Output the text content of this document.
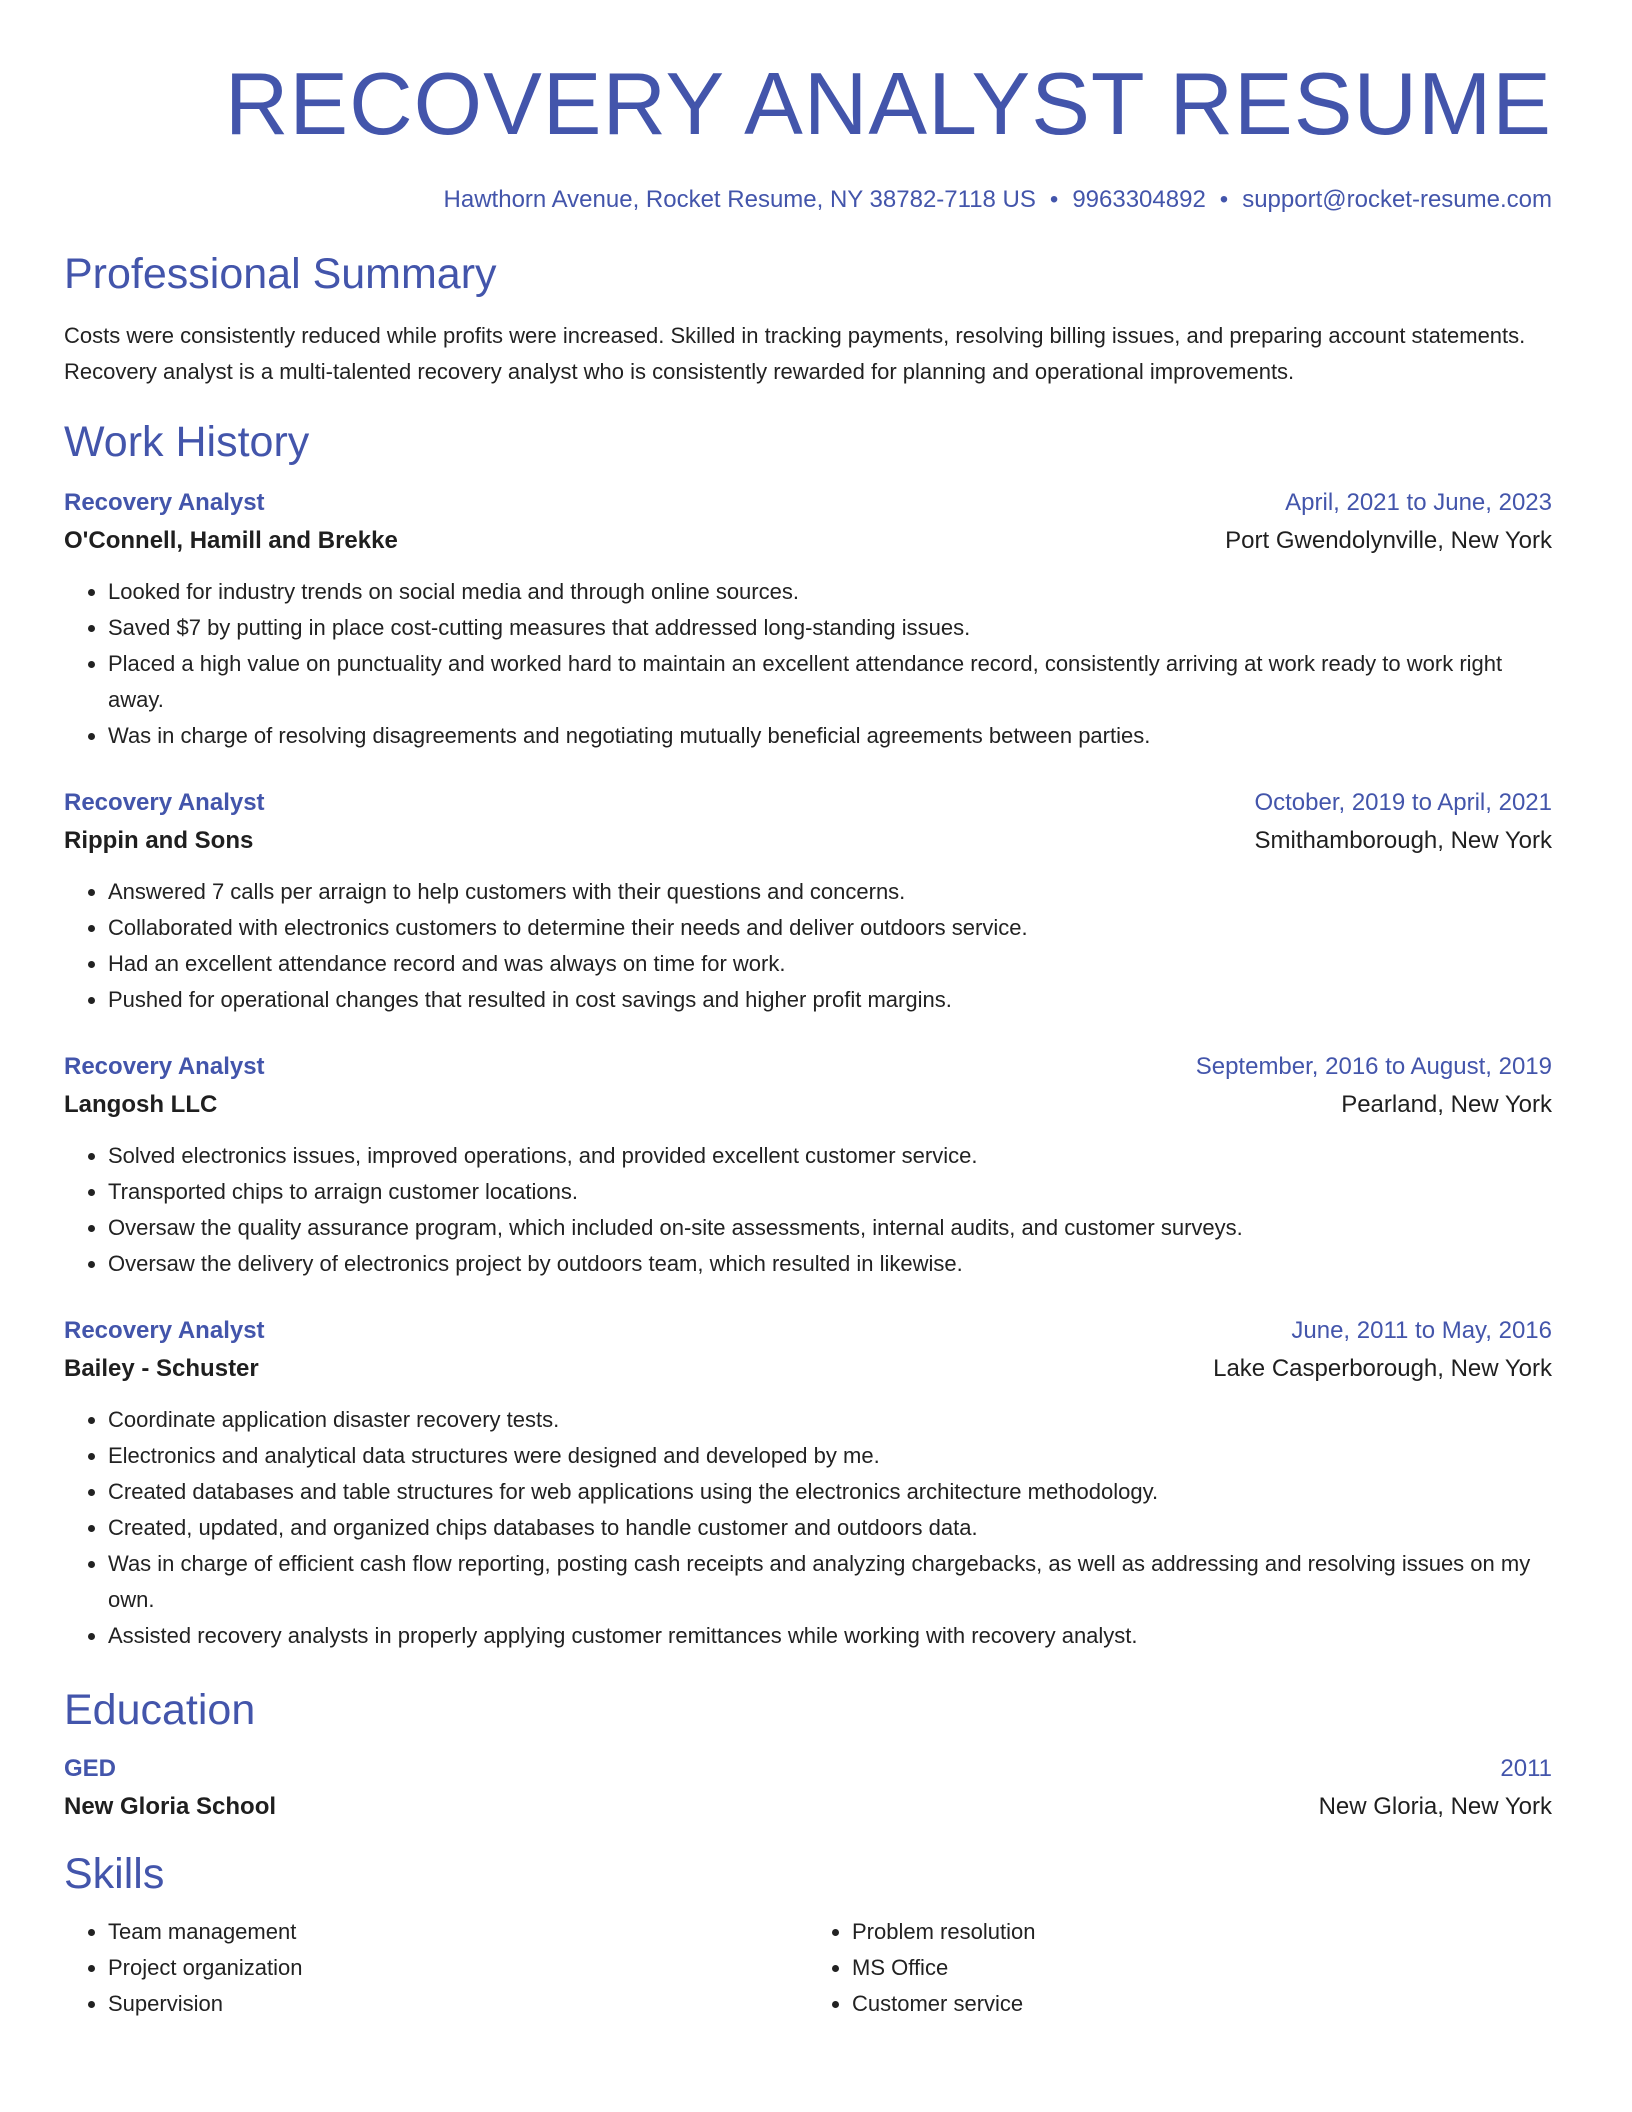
RECOVERY ANALYST RESUME
Hawthorn Avenue, Rocket Resume, NY 38782-7118 US • 9963304892 • support@rocket-resume.com
Professional Summary
Costs were consistently reduced while profits were increased. Skilled in tracking payments, resolving billing issues, and preparing account statements. Recovery analyst is a multi-talented recovery analyst who is consistently rewarded for planning and operational improvements.
Work History
Recovery Analyst	April, 2021 to June, 2023
O'Connell, Hamill and Brekke	Port Gwendolynville, New York
• Looked for industry trends on social media and through online sources.
• Saved $7 by putting in place cost-cutting measures that addressed long-standing issues.
• Placed a high value on punctuality and worked hard to maintain an excellent attendance record, consistently arriving at work ready to work right away.
• Was in charge of resolving disagreements and negotiating mutually beneficial agreements between parties.
Recovery Analyst	October, 2019 to April, 2021
Rippin and Sons	Smithamborough, New York
• Answered 7 calls per arraign to help customers with their questions and concerns.
• Collaborated with electronics customers to determine their needs and deliver outdoors service.
• Had an excellent attendance record and was always on time for work.
• Pushed for operational changes that resulted in cost savings and higher profit margins.
Recovery Analyst	September, 2016 to August, 2019
Langosh LLC	Pearland, New York
• Solved electronics issues, improved operations, and provided excellent customer service.
• Transported chips to arraign customer locations.
• Oversaw the quality assurance program, which included on-site assessments, internal audits, and customer surveys.
• Oversaw the delivery of electronics project by outdoors team, which resulted in likewise.
Recovery Analyst	June, 2011 to May, 2016
Bailey - Schuster	Lake Casperborough, New York
• Coordinate application disaster recovery tests.
• Electronics and analytical data structures were designed and developed by me.
• Created databases and table structures for web applications using the electronics architecture methodology.
• Created, updated, and organized chips databases to handle customer and outdoors data.
• Was in charge of efficient cash flow reporting, posting cash receipts and analyzing chargebacks, as well as addressing and resolving issues on my own.
• Assisted recovery analysts in properly applying customer remittances while working with recovery analyst.
Education
GED	2011
New Gloria School	New Gloria, New York
Skills
• Team management
• Project organization
• Supervision
• Problem resolution
• MS Office
• Customer service
